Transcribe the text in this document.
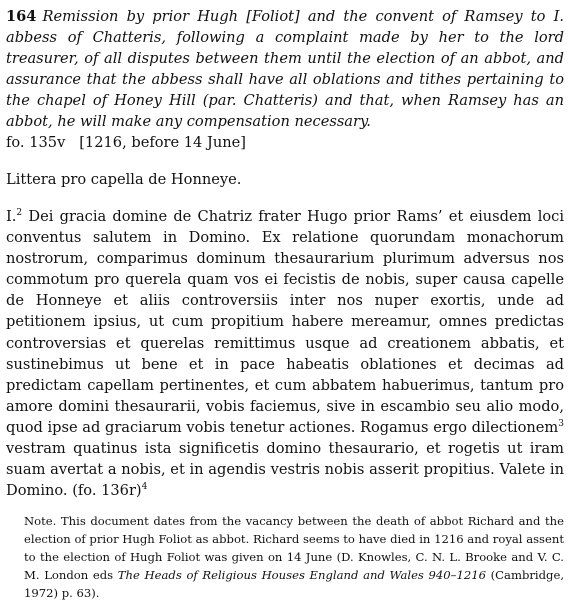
164 Remission by prior Hugh [Foliot] and the convent of Ramsey to I. abbess of Chatteris, following a complaint made by her to the lord treasurer, of all disputes between them until the election of an abbot, and assurance that the abbess shall have all oblations and tithes pertaining to the chapel of Honey Hill (par. Chatteris) and that, when Ramsey has an abbot, he will make any compensation necessary.

fo. 135v [1216, before 14 June]

Littera pro capella de Honneye.

I.$^2$ Dei gracia domine de Chatriz frater Hugo prior Rams’ et eiusdem loci conventus salutem in Domino. Ex relatione quorundam monachorum nostrorum, comparimus dominum thesaurarium plurimum adversus nos commotum pro querela quam vos ei fecistis de nobis, super causa capelle de Honneye et aliis controversiis inter nos nuper exortis, unde ad petitionem ipsius, ut cum propitium habere mereamur, omnes predictas controversias et querelas remittimus usque ad creationem abbatis, et sustinebimus ut bene et in pace habeatis oblationes et decimas ad predictam capellam pertinentes, et cum abbatem habuerimus, tantum pro amore domini thesaurarii, vobis faciemus, sive in escambio seu alio modo, quod ipse ad graciarum vobis tenetur actiones. Rogamus ergo dilectionem$^3$ vestram quatinus ista significetis domino thesaurario, et rogetis ut iram suam avertat a nobis, et in agendis vestris nobis asserit propitius. Valete in Domino. (fo. 136r)$^4$

Note. This document dates from the vacancy between the death of abbot Richard and the election of prior Hugh Foliot as abbot. Richard seems to have died in 1216 and royal assent to the election of Hugh Foliot was given on 14 June (D. Knowles, C. N. L. Brooke and V. C. M. London eds The Heads of Religious Houses England and Wales 940–1216 (Cambridge, 1972) p. 63).
